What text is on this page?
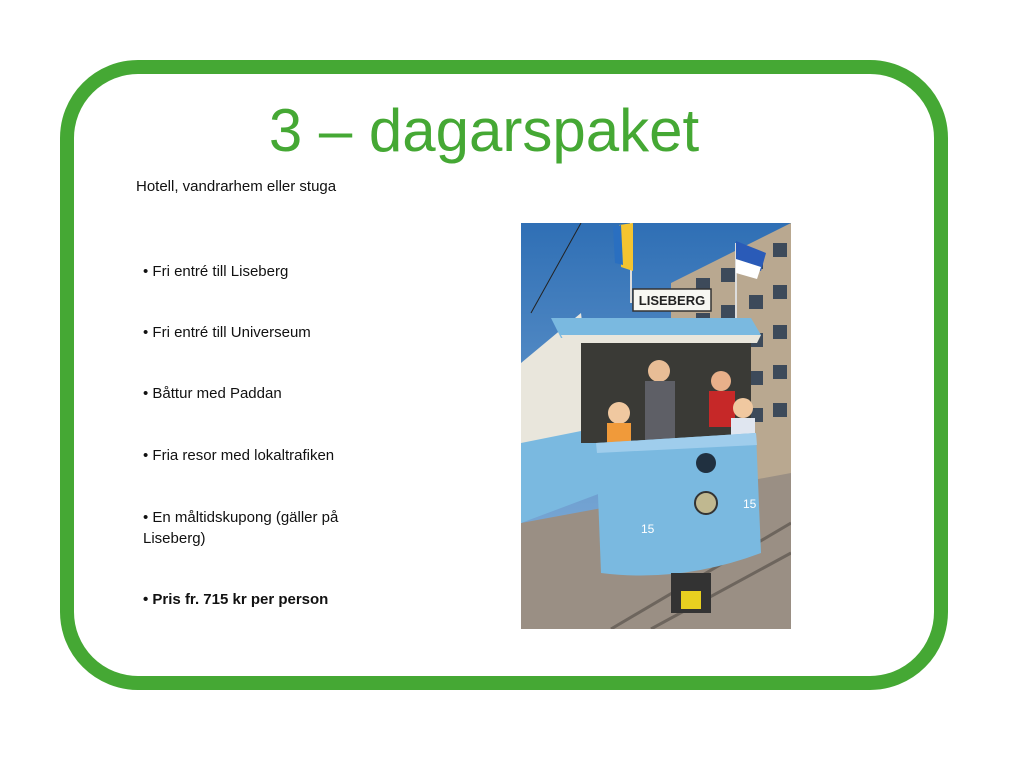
3 – dagarspaket
Hotell, vandrarhem eller stuga
• Fri entré till Liseberg
• Fri entré till Universeum
• Båttur med Paddan
• Fria resor med lokaltrafiken
• En måltidskupong (gäller på Liseberg)
• Pris fr. 715 kr per person
LISEBERG
15
15
